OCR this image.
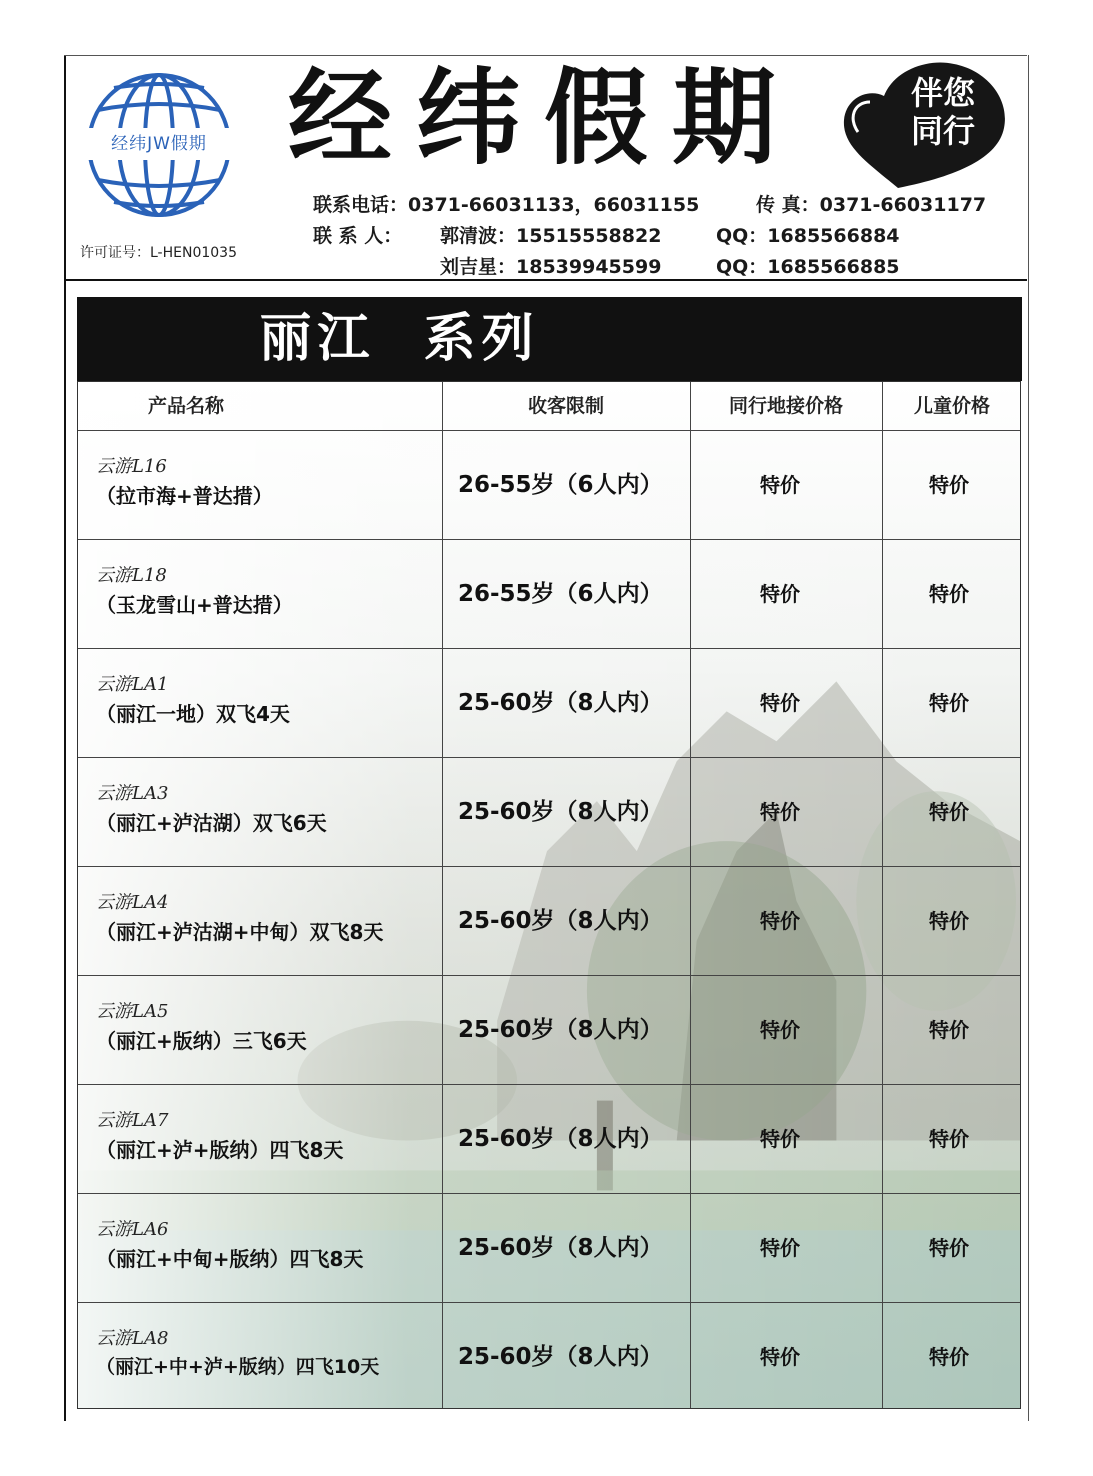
经纬JW假期
许可证号：L-HEN01035
经纬假期	伴您
同行
联系电话：0371-66031133，66031155	传 真：0371-66031177
联 系 人： 郭清波：15515558822	QQ：1685566884
刘吉星：18539945599	QQ：1685566885
丽江  系列
产品名称	收客限制	同行地接价格	儿童价格
云游L16
（拉市海+普达措）	26-55岁（6人内）	特价	特价
云游L18
（玉龙雪山+普达措）	26-55岁（6人内）	特价	特价
云游LA1
（丽江一地）双飞4天	25-60岁（8人内）	特价	特价
云游LA3
（丽江+泸沽湖）双飞6天	25-60岁（8人内）	特价	特价
云游LA4
（丽江+泸沽湖+中甸）双飞8天	25-60岁（8人内）	特价	特价
云游LA5
（丽江+版纳）三飞6天	25-60岁（8人内）	特价	特价
云游LA7
（丽江+泸+版纳）四飞8天	25-60岁（8人内）	特价	特价
云游LA6
（丽江+中甸+版纳）四飞8天	25-60岁（8人内）	特价	特价
云游LA8
（丽江+中+泸+版纳）四飞10天	25-60岁（8人内）	特价	特价
